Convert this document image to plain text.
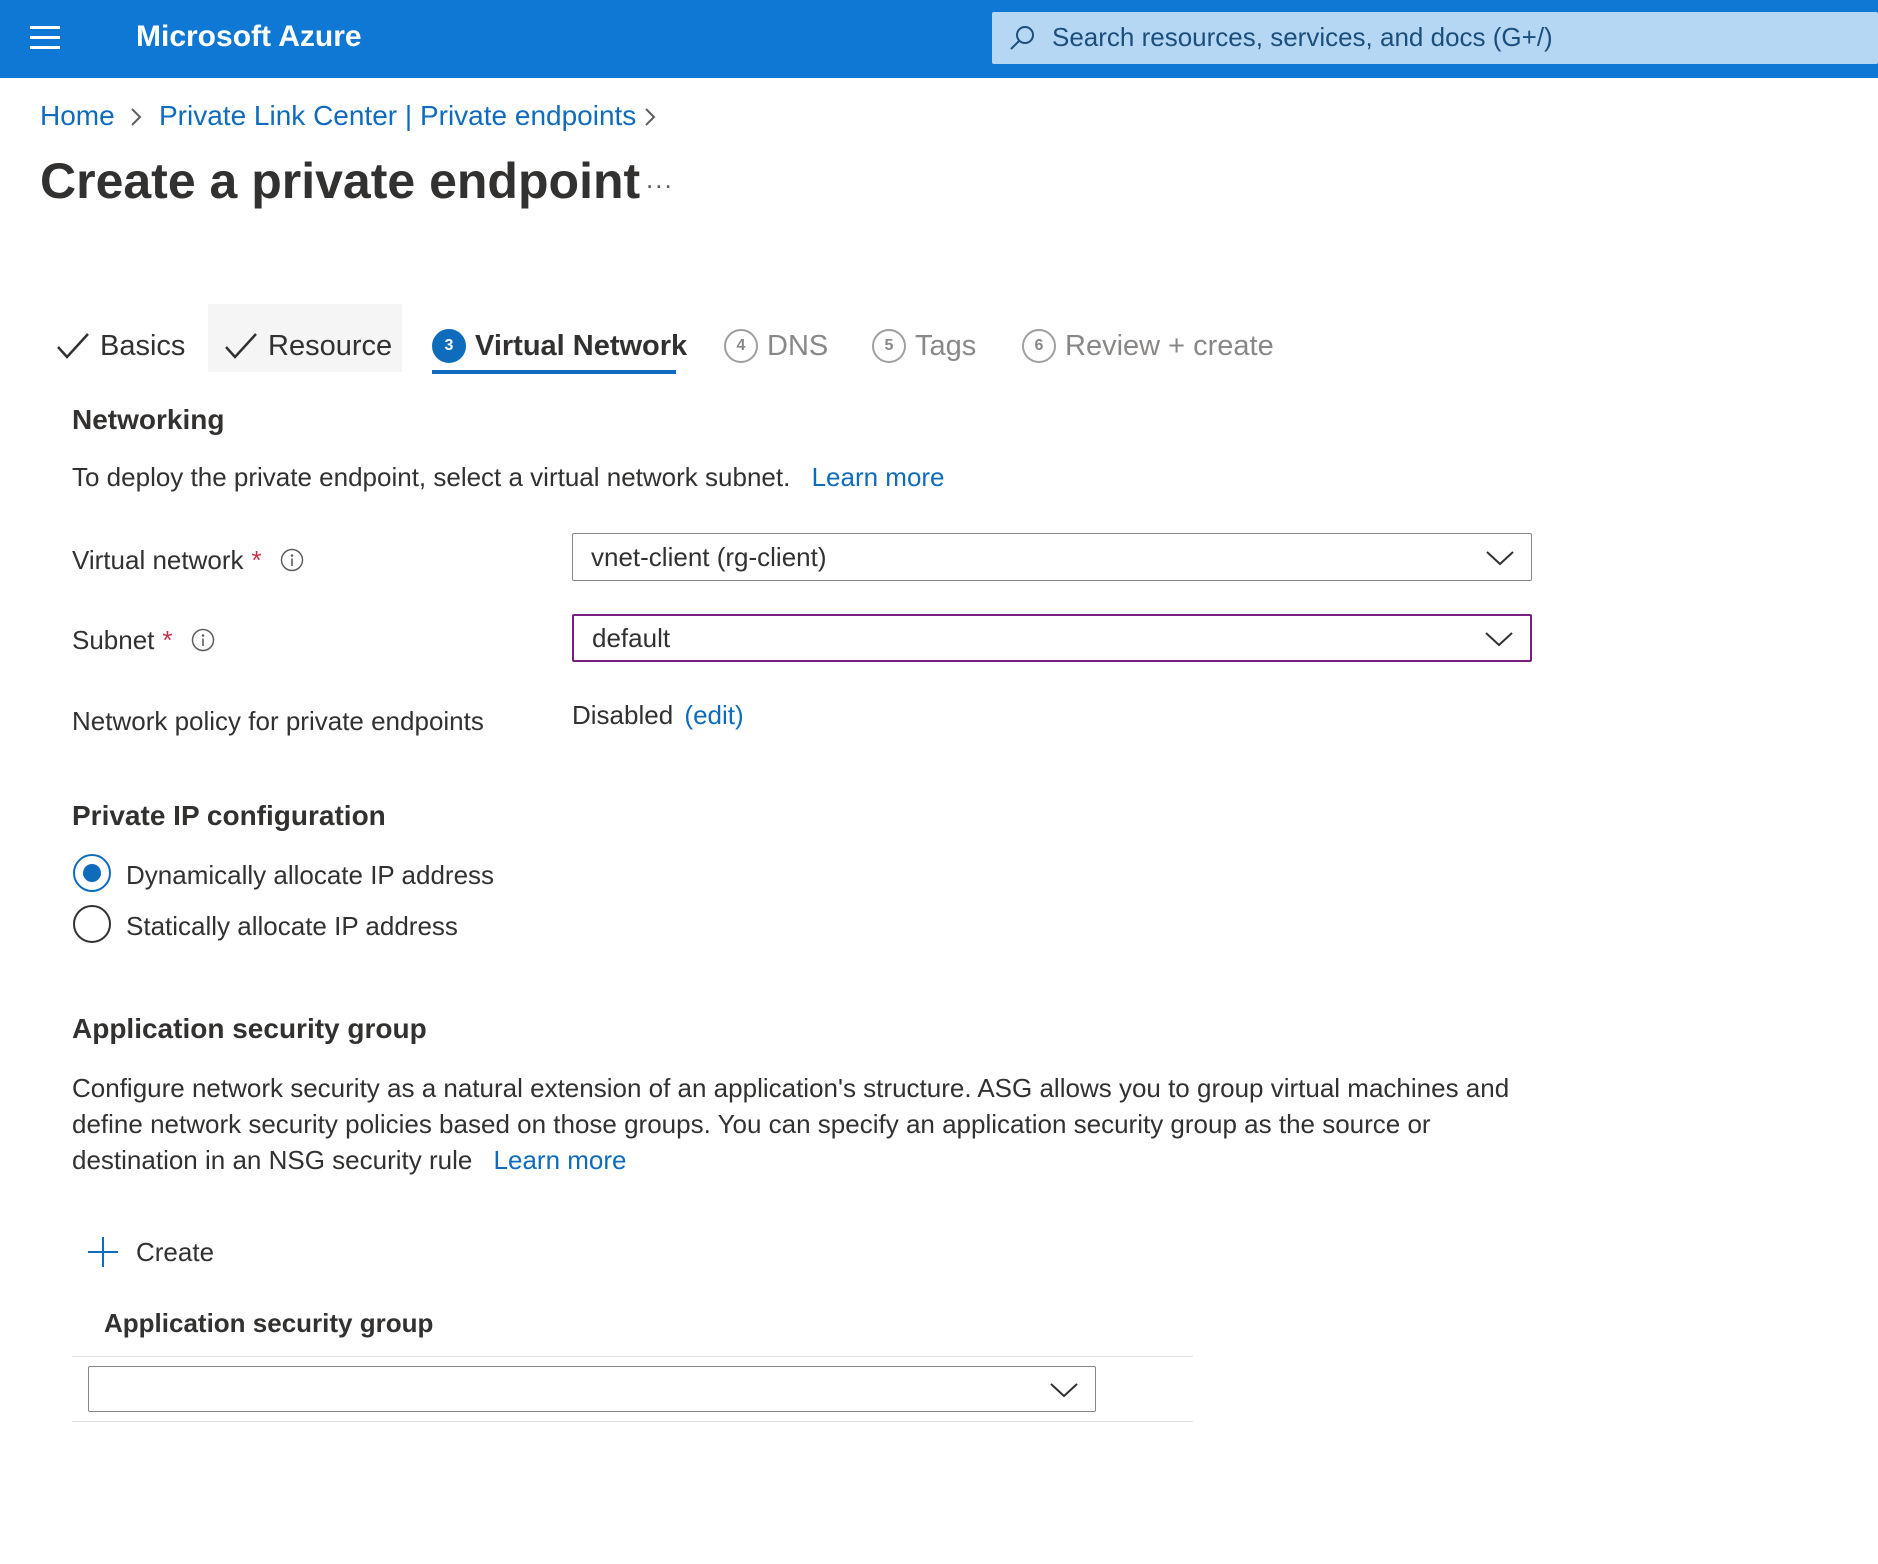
Microsoft Azure	Search resources, services, and docs (G+/)
Home Private Link Center | Private endpoints
Create a private endpoint ...
Basics	Resource	3 Virtual Network	4 DNS	5 Tags	6 Review + create
Networking
To deploy the private endpoint, select a virtual network subnet. Learn more
Virtual network *	vnet-client (rg-client)
Subnet *	default
Network policy for private endpoints	Disabled (edit)
Private IP configuration
Dynamically allocate IP address
Statically allocate IP address
Application security group
Configure network security as a natural extension of an application's structure. ASG allows you to group virtual machines and
define network security policies based on those groups. You can specify an application security group as the source or
destination in an NSG security rule Learn more
Create
Application security group
